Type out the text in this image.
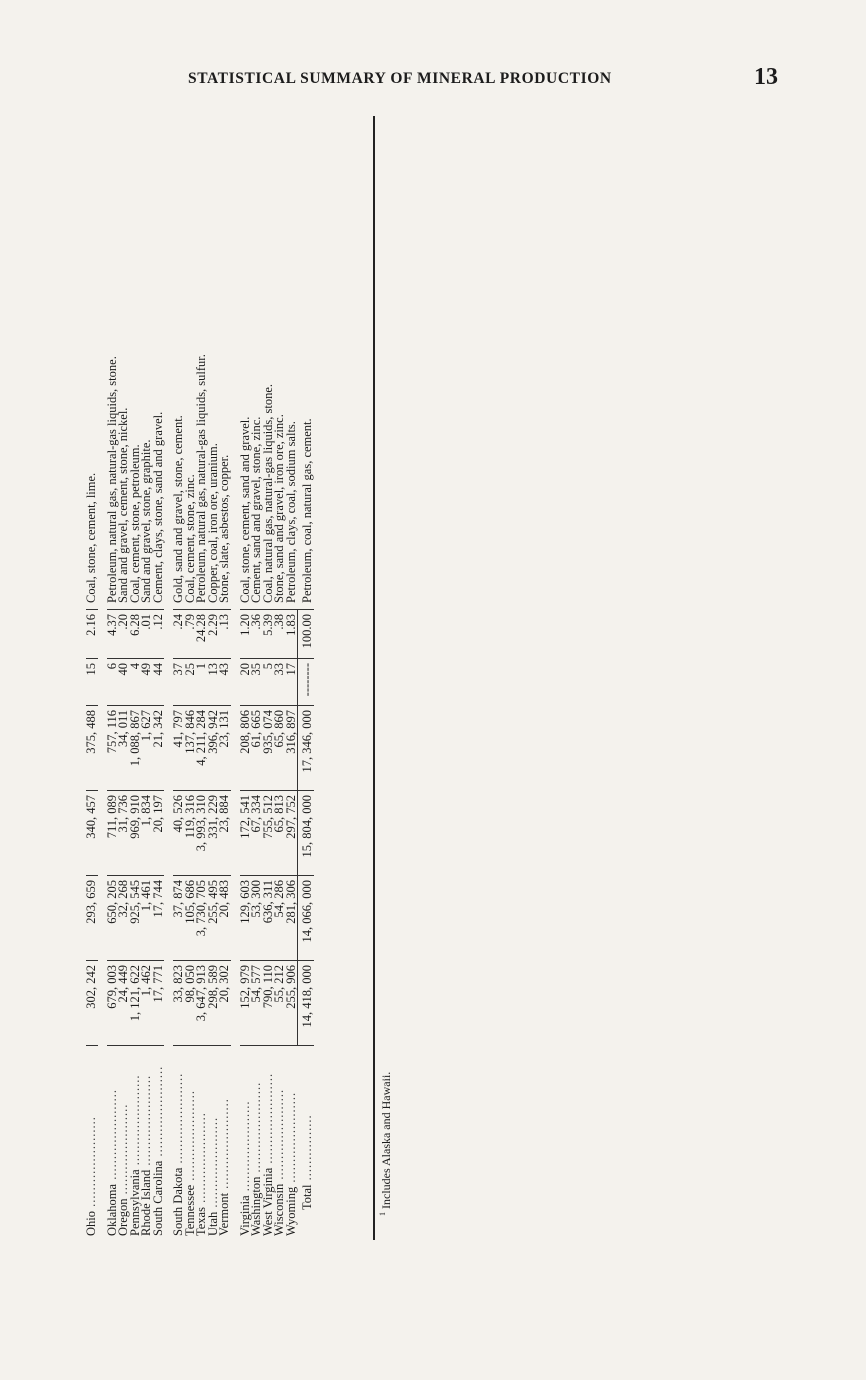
STATISTICAL SUMMARY OF MINERAL PRODUCTION	13
Ohio ......................	302, 242	293, 659	340, 457	375, 488	15	2.16	Coal, stone, cement, lime.

Oklahoma ......................	679, 003	650, 205	711, 089	757, 116	6	4.37	Petroleum, natural gas, natural-gas liquids, stone.
Oregon ......................	24, 449	32, 268	31, 736	34, 011	40	.20	Sand and gravel, cement, stone, nickel.
Pennsylvania ......................	1, 121, 622	925, 545	969, 910	1, 088, 867	4	6.28	Coal, cement, stone, petroleum.
Rhode Island ......................	1, 462	1, 461	1, 834	1, 627	49	.01	Sand and gravel, stone, graphite.
South Carolina ......................	17, 771	17, 744	20, 197	21, 342	44	.12	Cement, clays, stone, sand and gravel.

South Dakota ......................	33, 823	37, 874	40, 526	41, 797	37	.24	Gold, sand and gravel, stone, cement.
Tennessee ......................	98, 050	105, 686	119, 316	137, 846	25	.79	Coal, cement, stone, zinc.
Texas ......................	3, 647, 913	3, 730, 705	3, 993, 310	4, 211, 284	1	24.28	Petroleum, natural gas, natural-gas liquids, sulfur.
Utah ......................	298, 589	255, 495	331, 229	396, 942	13	2.29	Copper, coal, iron ore, uranium.
Vermont ......................	20, 302	20, 483	23, 884	23, 131	43	.13	Stone, slate, asbestos, copper.

Virginia ......................	152, 979	129, 603	172, 541	208, 806	20	1.20	Coal, stone, cement, sand and gravel.
Washington ......................	54, 577	53, 300	67, 334	61, 665	35	.36	Cement, sand and gravel, stone, zinc.
West Virginia ......................	790, 110	636, 311	755, 512	935, 074	5	5.39	Coal, natural gas, natural-gas liquids, stone.
Wisconsin ......................	55, 212	54, 286	65, 813	65, 860	33	.38	Stone, sand and gravel, iron ore, zinc.
Wyoming ......................	255, 906	281, 306	297, 752	316, 897	17	1.83	Petroleum, clays, coal, sodium salts.
Total ................	14, 418, 000	14, 066, 000	15, 804, 000	17, 346, 000	--------	100.00	Petroleum, coal, natural gas, cement.
$^1$ Includes Alaska and Hawaii.
